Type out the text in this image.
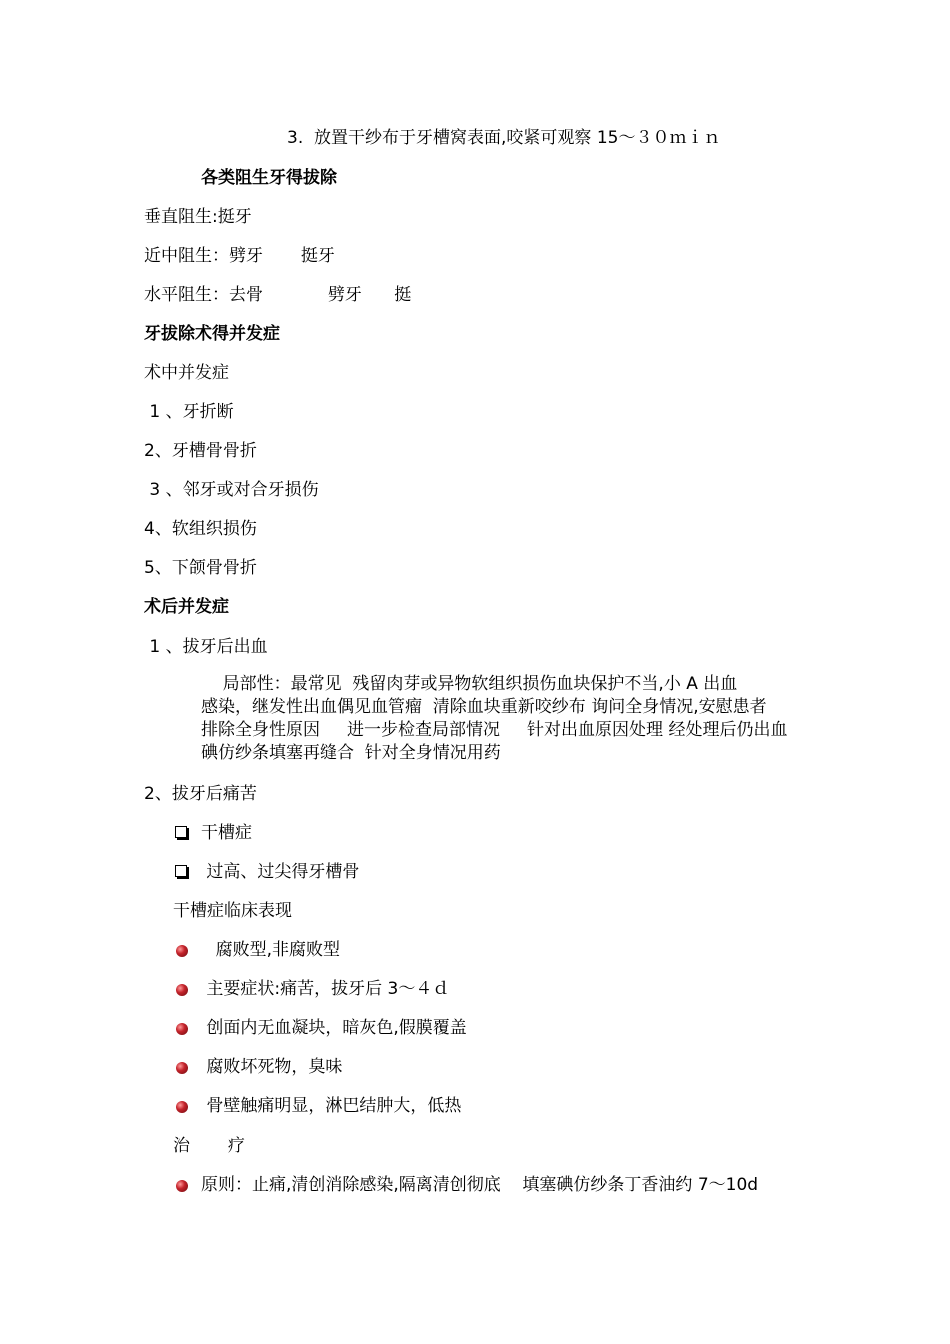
3.  放置干纱布于牙槽窝表面,咬紧可观察 15～３０ｍｉｎ
各类阻生牙得拔除
垂直阻生:挺牙
近中阻生：劈牙       挺牙
水平阻生：去骨            劈牙      挺
牙拔除术得并发症
术中并发症
1 、牙折断
2、牙槽骨骨折
3 、邻牙或对合牙损伤
4、软组织损伤
5、下颌骨骨折
术后并发症
1 、拔牙后出血
局部性：最常见  残留肉芽或异物软组织损伤血块保护不当,小 A 出血
感染，继发性出血偶见血管瘤  清除血块重新咬纱布 询问全身情况,安慰患者
排除全身性原因     进一步检查局部情况     针对出血原因处理 经处理后仍出血
碘仿纱条填塞再缝合  针对全身情况用药
2、拔牙后痛苦
干槽症
过高、过尖得牙槽骨
干槽症临床表现
腐败型,非腐败型
主要症状:痛苦，拔牙后 3～４ｄ
创面内无血凝块，暗灰色,假膜覆盖
腐败坏死物，臭味
骨壁触痛明显，淋巴结肿大，低热
治       疗
原则：止痛,清创消除感染,隔离清创彻底    填塞碘仿纱条丁香油约 7～10d
